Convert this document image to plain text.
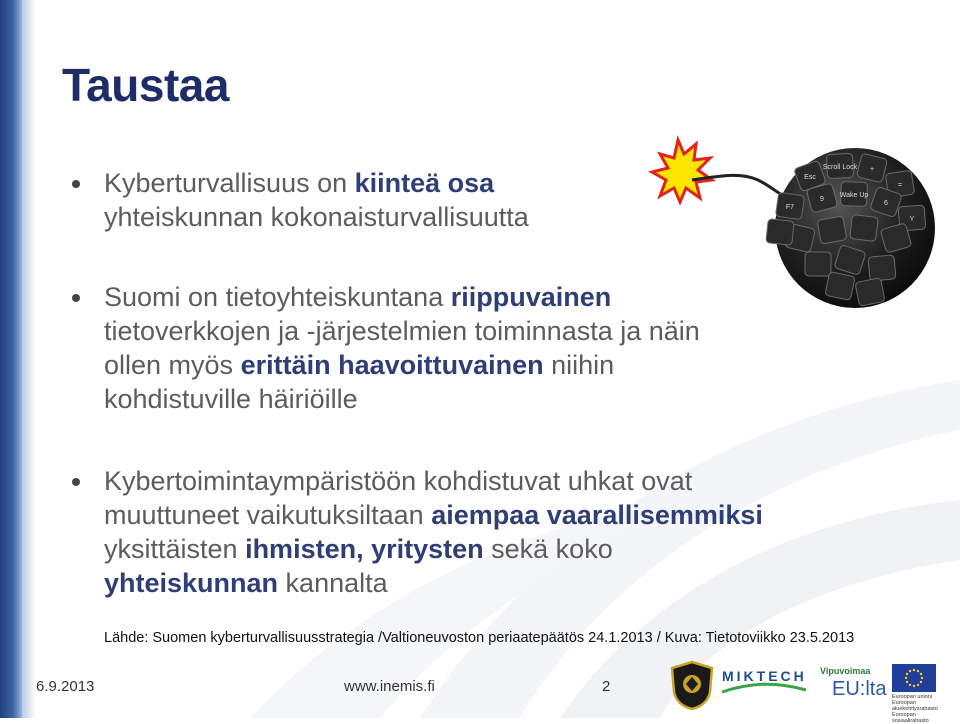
Taustaa
Kyberturvallisuus on kiinteä osa
yhteiskunnan kokonaisturvallisuutta
Suomi on tietoyhteiskuntana riippuvainen
tietoverkkojen ja -järjestelmien toiminnasta ja näin
ollen myös erittäin haavoittuvainen niihin
kohdistuville häiriöille
Kybertoimintaympäristöön kohdistuvat uhkat ovat
muuttuneet vaikutuksiltaan aiempaa vaarallisemmiksi
yksittäisten ihmisten, yritysten sekä koko
yhteiskunnan kannalta
Esc
Scroll Lock +
=
F7
9
Wake Up
6
Y
Lähde: Suomen kyberturvallisuusstrategia /Valtioneuvoston periaatepäätös 24.1.2013 / Kuva: Tietotoviikko 23.5.2013
6.9.2013	www.inemis.fi	2
MIKTECH Vipuvoimaa
EU:lta Euroopan unioni Euroopan aluekehitysrahasto Euroopan sosiaalirahasto
